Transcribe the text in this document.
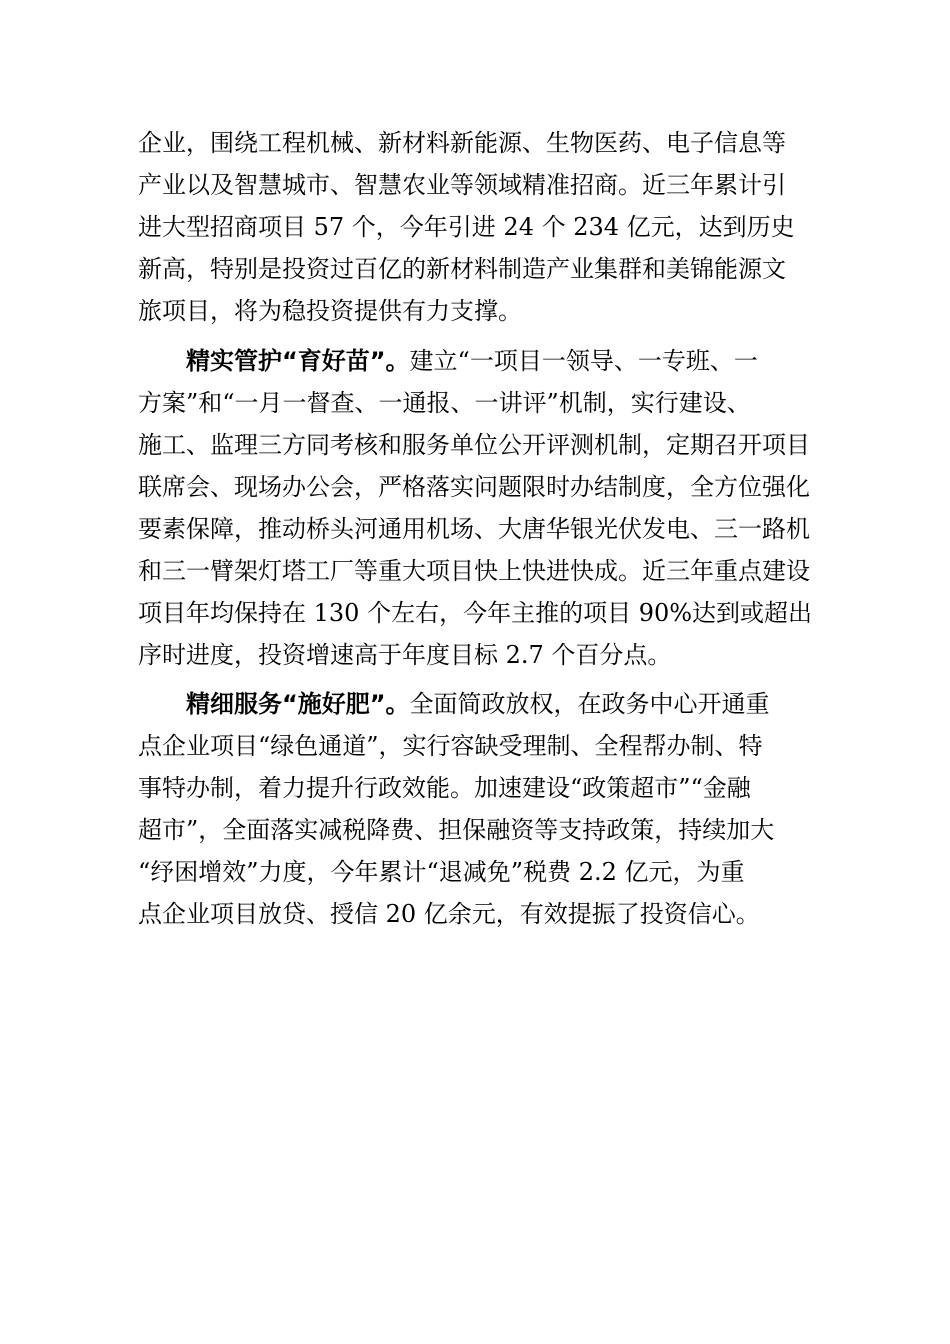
企业，围绕工程机械、新材料新能源、生物医药、电子信息等
产业以及智慧城市、智慧农业等领域精准招商。近三年累计引
进大型招商项目 57 个，今年引进 24 个 234 亿元，达到历史
新高，特别是投资过百亿的新材料制造产业集群和美锦能源文
旅项目，将为稳投资提供有力支撑。
精实管护“育好苗”。建立“一项目一领导、一专班、一
方案”和“一月一督查、一通报、一讲评”机制，实行建设、
施工、监理三方同考核和服务单位公开评测机制，定期召开项目
联席会、现场办公会，严格落实问题限时办结制度，全方位强化
要素保障，推动桥头河通用机场、大唐华银光伏发电、三一路机
和三一臂架灯塔工厂等重大项目快上快进快成。近三年重点建设
项目年均保持在 130 个左右，今年主推的项目 90%达到或超出
序时进度，投资增速高于年度目标 2.7 个百分点。
精细服务“施好肥”。全面简政放权，在政务中心开通重
点企业项目“绿色通道”，实行容缺受理制、全程帮办制、特
事特办制，着力提升行政效能。加速建设“政策超市”“金融
超市”，全面落实减税降费、担保融资等支持政策，持续加大
“纾困增效”力度，今年累计“退减免”税费 2.2 亿元，为重
点企业项目放贷、授信 20 亿余元，有效提振了投资信心。
